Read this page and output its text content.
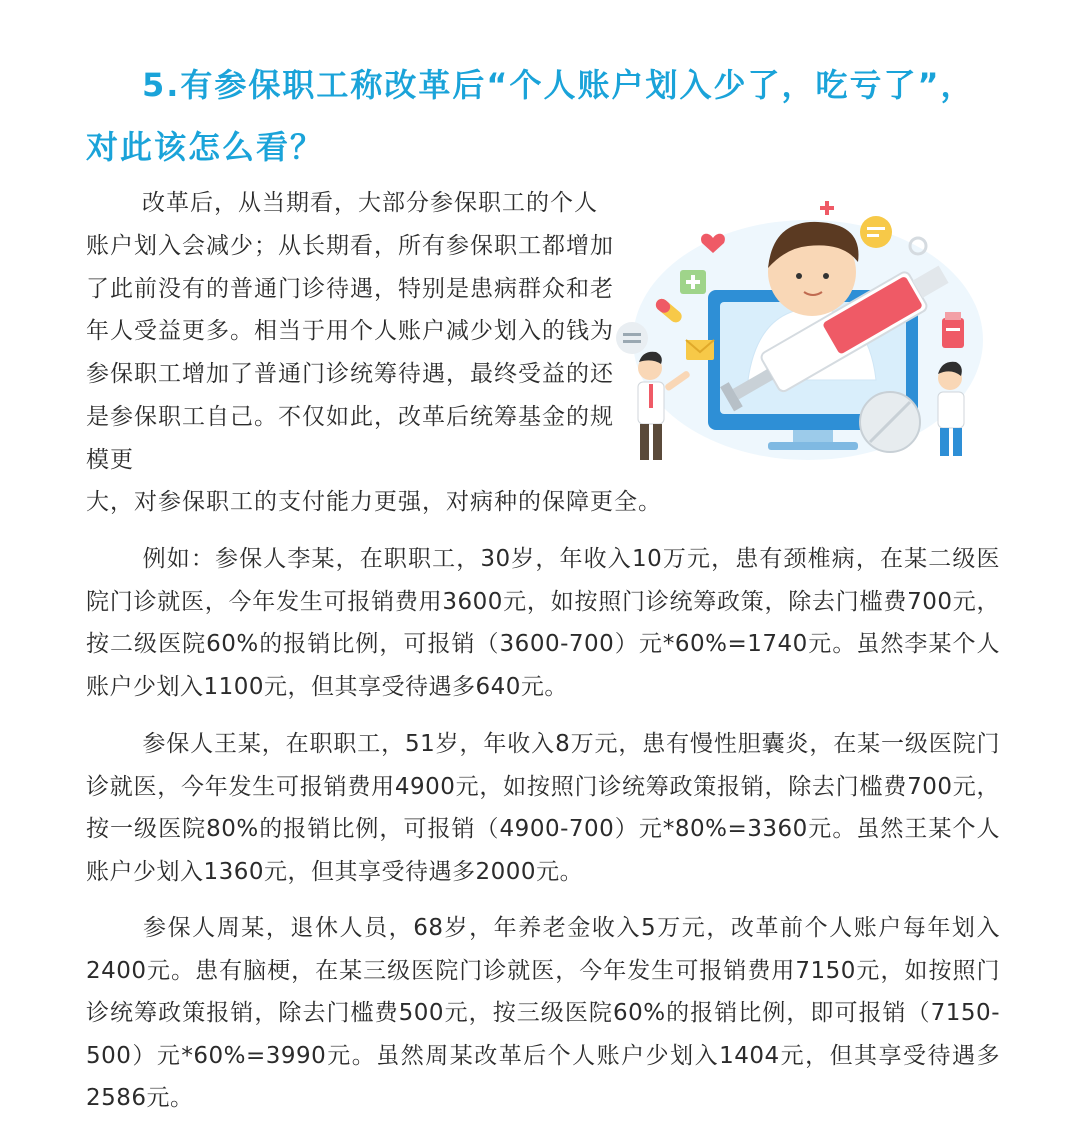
5.有参保职工称改革后“个人账户划入少了，吃亏了”，对此该怎么看？

改革后，从当期看，大部分参保职工的个人账户划入会减少；从长期看，所有参保职工都增加了此前没有的普通门诊待遇，特别是患病群众和老年人受益更多。相当于用个人账户减少划入的钱为参保职工增加了普通门诊统筹待遇，最终受益的还是参保职工自己。不仅如此，改革后统筹基金的规模更

大，对参保职工的支付能力更强，对病种的保障更全。

例如：参保人李某，在职职工，30岁，年收入10万元，患有颈椎病，在某二级医院门诊就医，今年发生可报销费用3600元，如按照门诊统筹政策，除去门槛费700元，按二级医院60%的报销比例，可报销（3600-700）元*60%=1740元。虽然李某个人账户少划入1100元，但其享受待遇多640元。

参保人王某，在职职工，51岁，年收入8万元，患有慢性胆囊炎，在某一级医院门诊就医，今年发生可报销费用4900元，如按照门诊统筹政策报销，除去门槛费700元，按一级医院80%的报销比例，可报销（4900-700）元*80%=3360元。虽然王某个人账户少划入1360元，但其享受待遇多2000元。

参保人周某，退休人员，68岁，年养老金收入5万元，改革前个人账户每年划入2400元。患有脑梗，在某三级医院门诊就医，今年发生可报销费用7150元，如按照门诊统筹政策报销，除去门槛费500元，按三级医院60%的报销比例，即可报销（7150-500）元*60%=3990元。虽然周某改革后个人账户少划入1404元，但其享受待遇多2586元。
